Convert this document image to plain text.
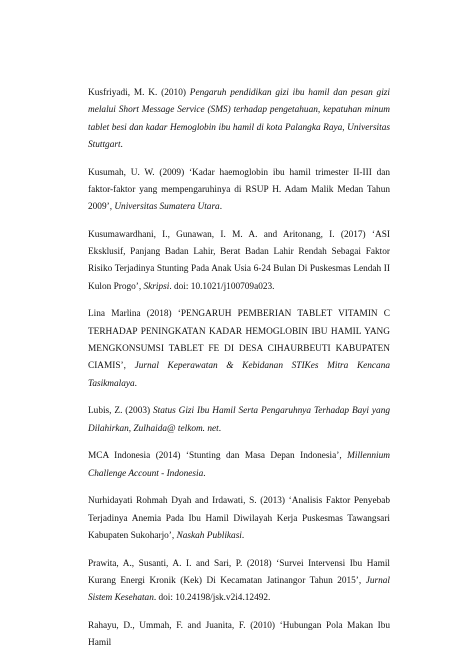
Kusfriyadi, M. K. (2010) Pengaruh pendidikan gizi ibu hamil dan pesan gizi melalui Short Message Service (SMS) terhadap pengetahuan, kepatuhan minum tablet besi dan kadar Hemoglobin ibu hamil di kota Palangka Raya, Universitas Stuttgart.

Kusumah, U. W. (2009) ‘Kadar haemoglobin ibu hamil trimester II-III dan faktor-faktor yang mempengaruhinya di RSUP H. Adam Malik Medan Tahun 2009’, Universitas Sumatera Utara.

Kusumawardhani, I., Gunawan, I. M. A. and Aritonang, I. (2017) ‘ASI Eksklusif, Panjang Badan Lahir, Berat Badan Lahir Rendah Sebagai Faktor Risiko Terjadinya Stunting Pada Anak Usia 6-24 Bulan Di Puskesmas Lendah II Kulon Progo’, Skripsi. doi: 10.1021/j100709a023.

Lina Marlina (2018) ‘PENGARUH PEMBERIAN TABLET VITAMIN C TERHADAP PENINGKATAN KADAR HEMOGLOBIN IBU HAMIL YANG MENGKONSUMSI TABLET FE DI DESA CIHAURBEUTI KABUPATEN CIAMIS’, Jurnal Keperawatan & Kebidanan STIKes Mitra Kencana Tasikmalaya.

Lubis, Z. (2003) Status Gizi Ibu Hamil Serta Pengaruhnya Terhadap Bayi yang Dilahirkan, Zulhaida@ telkom. net.

MCA Indonesia (2014) ‘Stunting dan Masa Depan Indonesia’, Millennium Challenge Account - Indonesia.

Nurhidayati Rohmah Dyah and Irdawati, S. (2013) ‘Analisis Faktor Penyebab Terjadinya Anemia Pada Ibu Hamil Diwilayah Kerja Puskesmas Tawangsari Kabupaten Sukoharjo’, Naskah Publikasi.

Prawita, A., Susanti, A. I. and Sari, P. (2018) ‘Survei Intervensi Ibu Hamil Kurang Energi Kronik (Kek) Di Kecamatan Jatinangor Tahun 2015’, Jurnal Sistem Kesehatan. doi: 10.24198/jsk.v2i4.12492.

Rahayu, D., Ummah, F. and Juanita, F. (2010) ‘Hubungan Pola Makan Ibu Hamil
